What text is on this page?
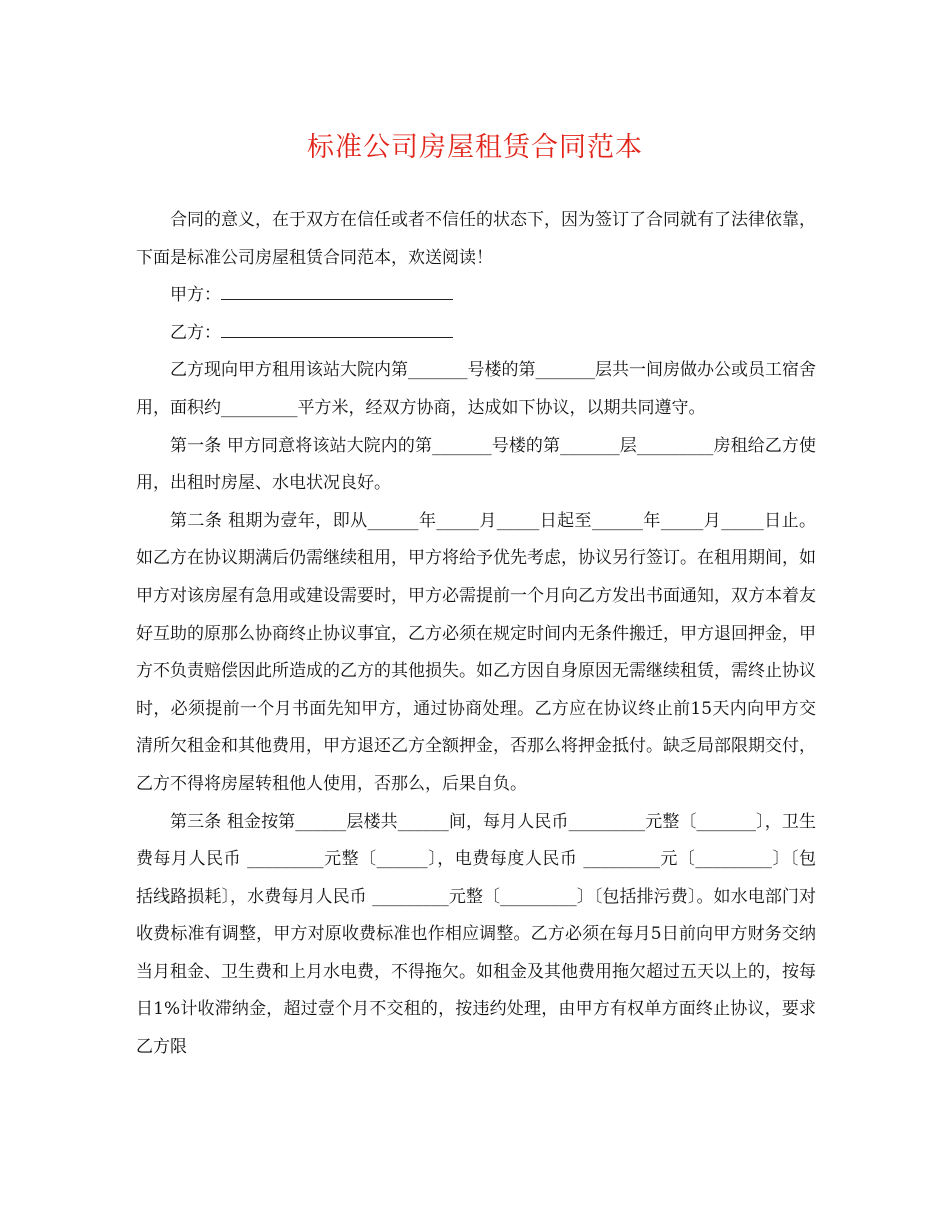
标准公司房屋租赁合同范本

合同的意义，在于双方在信任或者不信任的状态下，因为签订了合同就有了法律依靠，下面是标准公司房屋租赁合同范本，欢送阅读！

甲方：

乙方：

乙方现向甲方租用该站大院内第_______号楼的第_______层共一间房做办公或员工宿舍用，面积约_________平方米，经双方协商，达成如下协议，以期共同遵守。

第一条 甲方同意将该站大院内的第_______号楼的第_______层_________房租给乙方使用，出租时房屋、水电状况良好。

第二条 租期为壹年，即从______年_____月_____日起至______年_____月_____日止。如乙方在协议期满后仍需继续租用，甲方将给予优先考虑，协议另行签订。在租用期间，如甲方对该房屋有急用或建设需要时，甲方必需提前一个月向乙方发出书面通知，双方本着友好互助的原那么协商终止协议事宜，乙方必须在规定时间内无条件搬迁，甲方退回押金，甲方不负责赔偿因此所造成的乙方的其他损失。如乙方因自身原因无需继续租赁，需终止协议时，必须提前一个月书面先知甲方，通过协商处理。乙方应在协议终止前15天内向甲方交清所欠租金和其他费用，甲方退还乙方全额押金，否那么将押金抵付。缺乏局部限期交付，乙方不得将房屋转租他人使用，否那么，后果自负。

第三条 租金按第______层楼共______间，每月人民币_________元整〔_______〕，卫生费每月人民币 _________元整〔______〕，电费每度人民币 _________元〔_________〕〔包括线路损耗〕，水费每月人民币 _________元整〔_________〕〔包括排污费〕。如水电部门对收费标准有调整，甲方对原收费标准也作相应调整。乙方必须在每月5日前向甲方财务交纳当月租金、卫生费和上月水电费，不得拖欠。如租金及其他费用拖欠超过五天以上的，按每日1%计收滞纳金，超过壹个月不交租的，按违约处理，由甲方有权单方面终止协议，要求乙方限
